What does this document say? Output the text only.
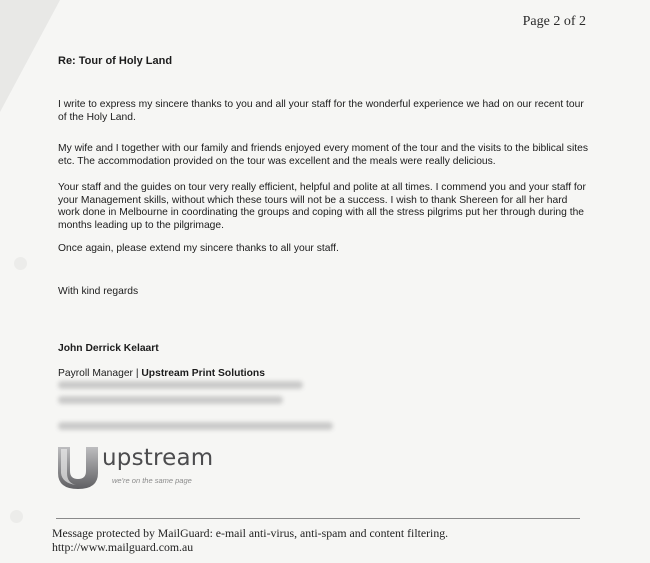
Page 2 of 2
Re: Tour of Holy Land

I write to express my sincere thanks to you and all your staff for the wonderful experience we had on our recent tour of the Holy Land.

My wife and I together with our family and friends enjoyed every moment of the tour and the visits to the biblical sites etc. The accommodation provided on the tour was excellent and the meals were really delicious.

Your staff and the guides on tour very really efficient, helpful and polite at all times. I commend you and your staff for your Management skills, without which these tours will not be a success. I wish to thank Shereen for all her hard work done in Melbourne in coordinating the groups and coping with all the stress pilgrims put her through during the months leading up to the pilgrimage.

Once again, please extend my sincere thanks to all your staff.

With kind regards
John Derrick Kelaart
Payroll Manager | Upstream Print Solutions
upstream
we're on the same page
Message protected by MailGuard: e-mail anti-virus, anti-spam and content filtering.
http://www.mailguard.com.au
